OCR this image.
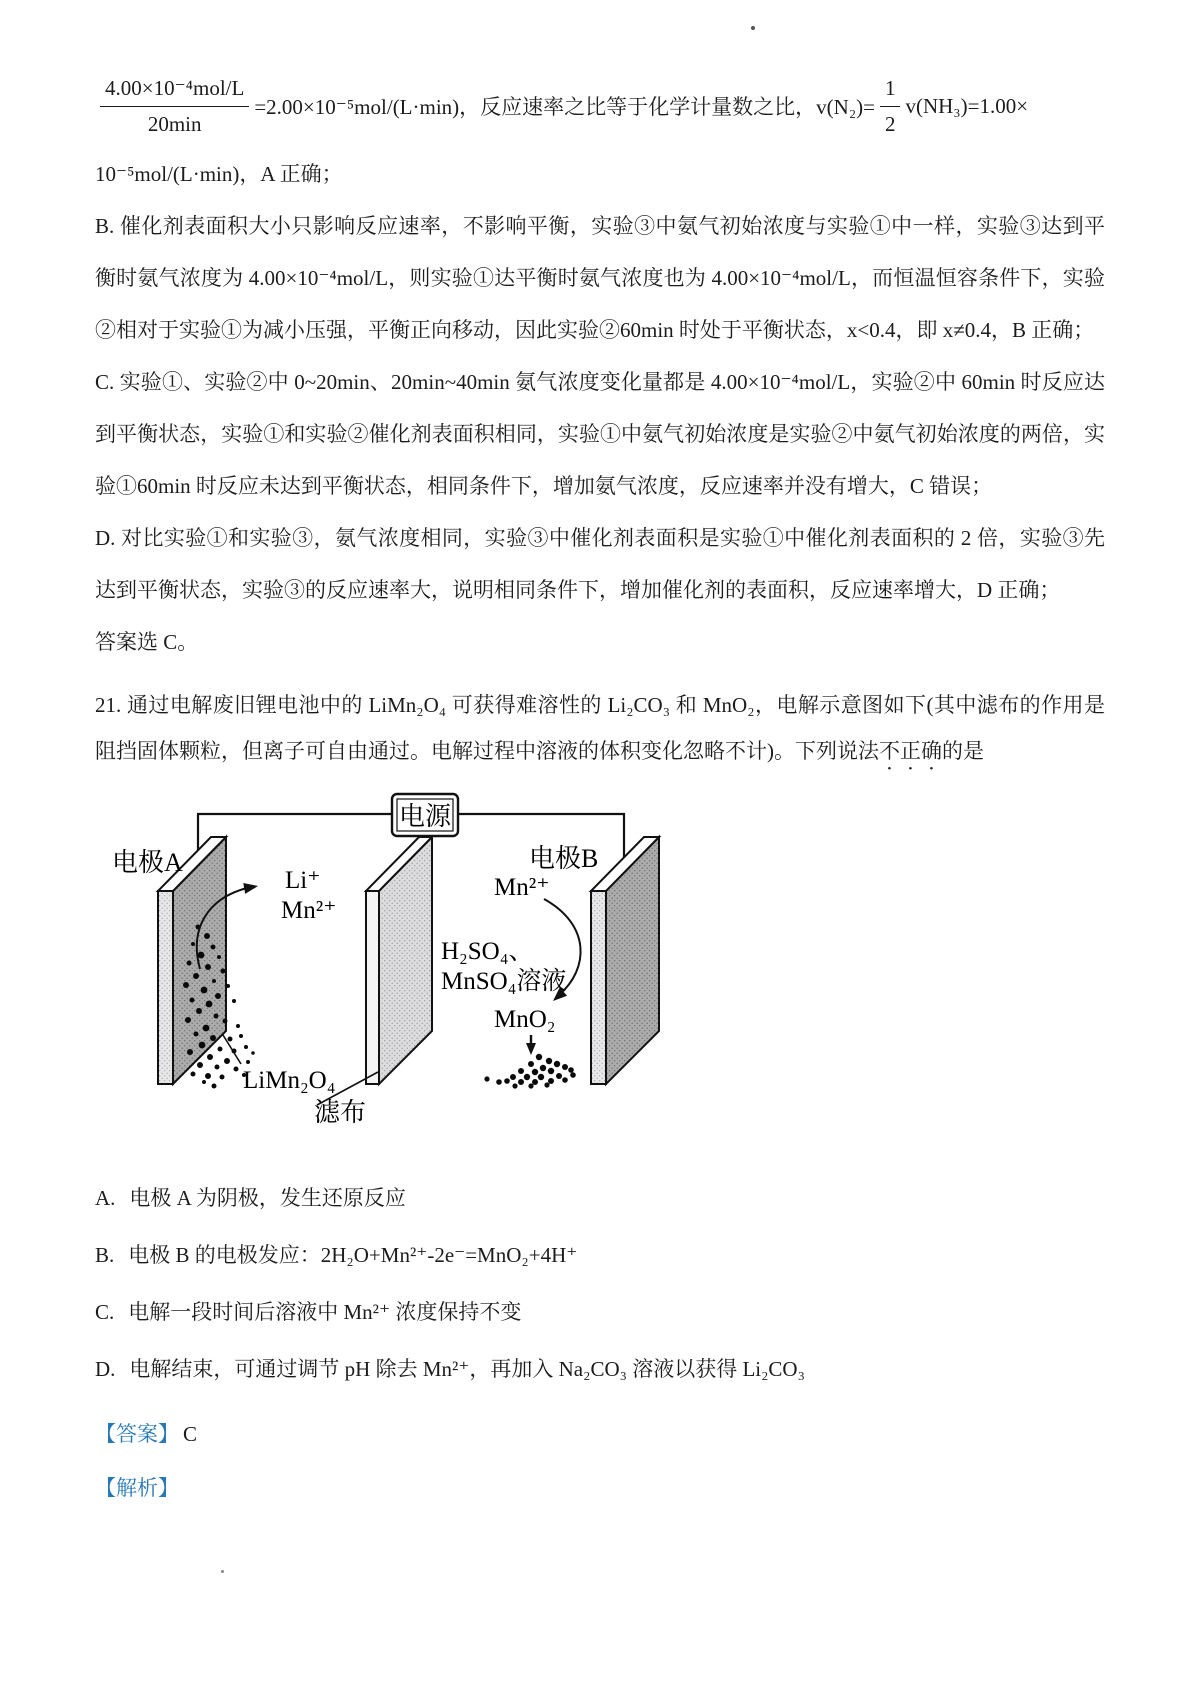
$\frac{\text{4.00×10⁻⁴mol/L}}{20\min} =2.00\times 10^{-5}mol/(L\cdot\min)$，反应速率之比等于化学计量数之比，$v(N_2)= \frac{1}{2} v(NH_3)=1.00\times$

10⁻⁵mol/(L·min)，A 正确；

B. 催化剂表面积大小只影响反应速率，不影响平衡，实验③中氨气初始浓度与实验①中一样，实验③达到平衡时氨气浓度为 4.00×10⁻⁴mol/L，则实验①达平衡时氨气浓度也为 4.00×10⁻⁴mol/L，而恒温恒容条件下，实验②相对于实验①为减小压强，平衡正向移动，因此实验②60min 时处于平衡状态，x<0.4，即 x≠0.4，B 正确；

C. 实验①、实验②中 0~20min、20min~40min 氨气浓度变化量都是 4.00×10⁻⁴mol/L，实验②中 60min 时反应达到平衡状态，实验①和实验②催化剂表面积相同，实验①中氨气初始浓度是实验②中氨气初始浓度的两倍，实验①60min 时反应未达到平衡状态，相同条件下，增加氨气浓度，反应速率并没有增大，C 错误；

D. 对比实验①和实验③，氨气浓度相同，实验③中催化剂表面积是实验①中催化剂表面积的 2 倍，实验③先达到平衡状态，实验③的反应速率大，说明相同条件下，增加催化剂的表面积，反应速率增大，D 正确；

答案选 C。

21. 通过电解废旧锂电池中的 LiMn₂O₄ 可获得难溶性的 Li₂CO₃ 和 MnO₂，电解示意图如下(其中滤布的作用是阻挡固体颗粒，但离子可自由通过。电解过程中溶液的体积变化忽略不计)。下列说法不正确的是

电源
电极A	电极B
Li⁺
Mn²⁺
Mn²⁺
H₂SO₄、
MnSO₄溶液
MnO₂
LiMn₂O₄
滤布

A. 电极 A 为阴极，发生还原反应

B. 电极 B 的电极发应：2H₂O+Mn²⁺-2e⁻=MnO₂+4H⁺

C. 电解一段时间后溶液中 Mn²⁺ 浓度保持不变

D. 电解结束，可通过调节 pH 除去 Mn²⁺，再加入 Na₂CO₃ 溶液以获得 Li₂CO₃

【答案】 C

【解析】
